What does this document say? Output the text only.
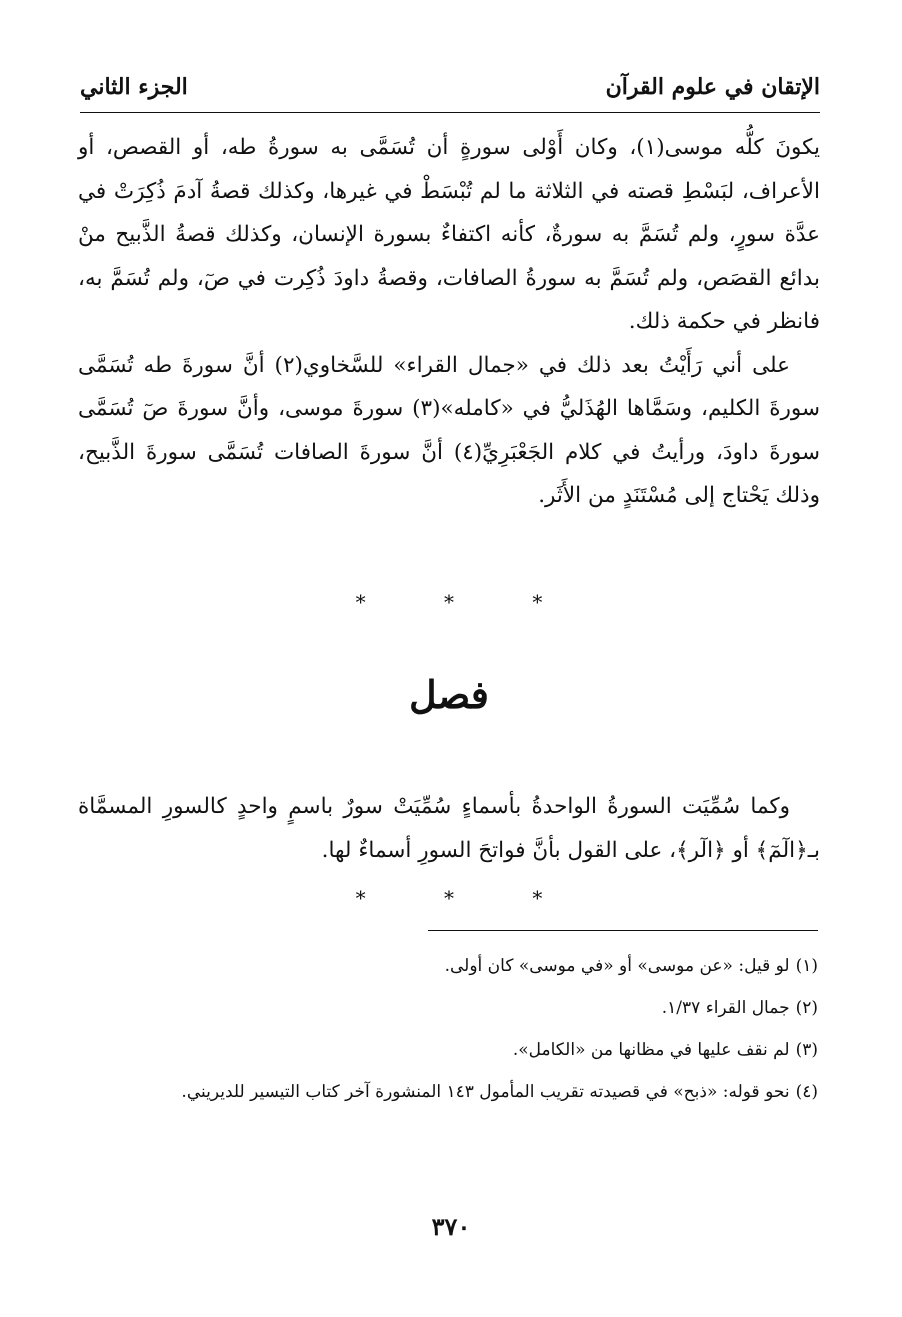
الإتقان في علوم القرآن
الجزء الثاني

يكونَ كلُّه موسى(١)، وكان أَوْلى سورةٍ أن تُسَمَّى به سورةُ طه، أو القصص، أو الأعراف، لبَسْطِ قصته في الثلاثة ما لم تُبْسَطْ في غيرها، وكذلك قصةُ آدمَ ذُكِرَتْ في عدَّة سورٍ، ولم تُسَمَّ به سورةٌ، كأنه اكتفاءٌ بسورة الإنسان، وكذلك قصةُ الذَّبيح منْ بدائع القصَص، ولم تُسَمَّ به سورةُ الصافات، وقصةُ داودَ ذُكِرت في صٓ، ولم تُسَمَّ به، فانظر في حكمة ذلك.

على أني رَأَيْتُ بعد ذلك في «جمال القراء» للسَّخاوي(٢) أنَّ سورةَ طه تُسَمَّى سورةَ الكليم، وسَمَّاها الهُذَليُّ في «كامله»(٣) سورةَ موسى، وأنَّ سورةَ صٓ تُسَمَّى سورةَ داودَ، ورأيتُ في كلام الجَعْبَرِيِّ(٤) أنَّ سورةَ الصافات تُسَمَّى سورةَ الذَّبيح، وذلك يَحْتاج إلى مُسْتَنَدٍ من الأَثَر.

* * *
فصل

وكما سُمِّيَت السورةُ الواحدةُ بأسماءٍ سُمِّيَتْ سورٌ باسمٍ واحدٍ كالسورِ المسمَّاة بـ﴿الٓمٓ﴾ أو ﴿الٓر﴾، على القول بأنَّ فواتحَ السورِ أسماءٌ لها.

* * *

(١)لو قيل: «عن موسى» أو «في موسى» كان أولى.

(٢)جمال القراء ١/٣٧.

(٣)لم نقف عليها في مظانها من «الكامل».

(٤)نحو قوله: «ذبح» في قصيدته تقريب المأمول ١٤٣ المنشورة آخر كتاب التيسير للديريني.

٣٧٠
